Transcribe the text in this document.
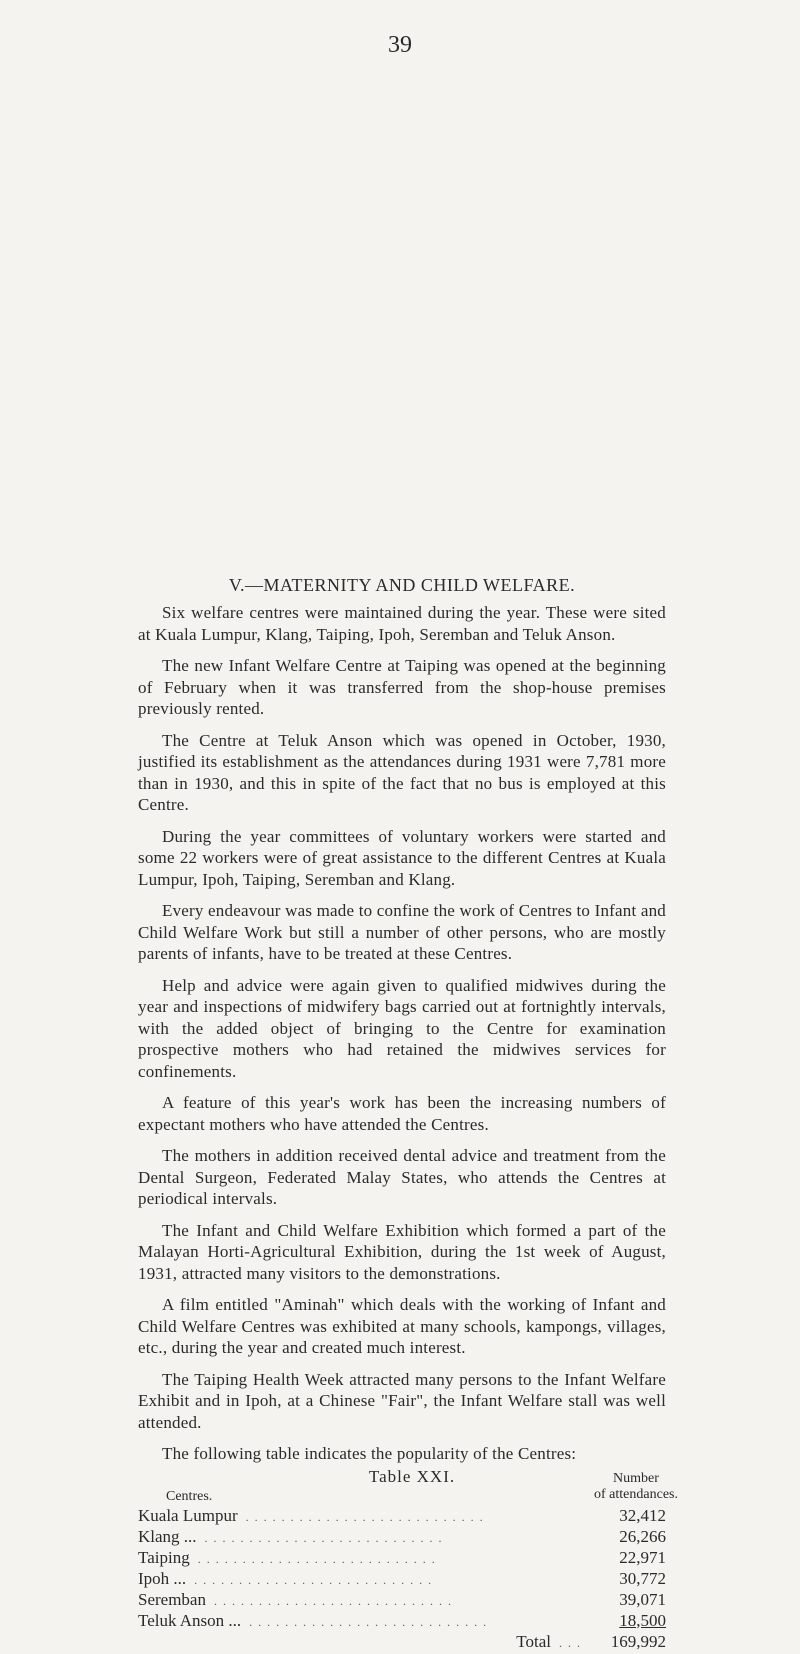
39
V.—MATERNITY AND CHILD WELFARE.

Six welfare centres were maintained during the year. These were sited at Kuala Lumpur, Klang, Taiping, Ipoh, Seremban and Teluk Anson.

The new Infant Welfare Centre at Taiping was opened at the beginning of February when it was transferred from the shop-house premises previously rented.

The Centre at Teluk Anson which was opened in October, 1930, justified its establishment as the attendances during 1931 were 7,781 more than in 1930, and this in spite of the fact that no bus is employed at this Centre.

During the year committees of voluntary workers were started and some 22 workers were of great assistance to the different Centres at Kuala Lumpur, Ipoh, Taiping, Seremban and Klang.

Every endeavour was made to confine the work of Centres to Infant and Child Welfare Work but still a number of other persons, who are mostly parents of infants, have to be treated at these Centres.

Help and advice were again given to qualified midwives during the year and inspections of midwifery bags carried out at fortnightly intervals, with the added object of bringing to the Centre for examination prospective mothers who had retained the midwives services for confinements.

A feature of this year's work has been the increasing numbers of expectant mothers who have attended the Centres.

The mothers in addition received dental advice and treatment from the Dental Surgeon, Federated Malay States, who attends the Centres at periodical intervals.

The Infant and Child Welfare Exhibition which formed a part of the Malayan Horti-Agricultural Exhibition, during the 1st week of August, 1931, attracted many visitors to the demonstrations.

A film entitled "Aminah" which deals with the working of Infant and Child Welfare Centres was exhibited at many schools, kampongs, villages, etc., during the year and created much interest.

The Taiping Health Week attracted many persons to the Infant Welfare Exhibit and in Ipoh, at a Chinese "Fair", the Infant Welfare stall was well attended.

The following table indicates the popularity of the Centres:

Table XXI.
Centres.
Number
of attendances.
Kuala Lumpur ...........................	32,412
Klang ... ...........................	26,266
Taiping ...........................	22,971
Ipoh ... ...........................	30,772
Seremban ...........................	39,071
Teluk Anson ... ...........................	18,500
Total ...	169,992
